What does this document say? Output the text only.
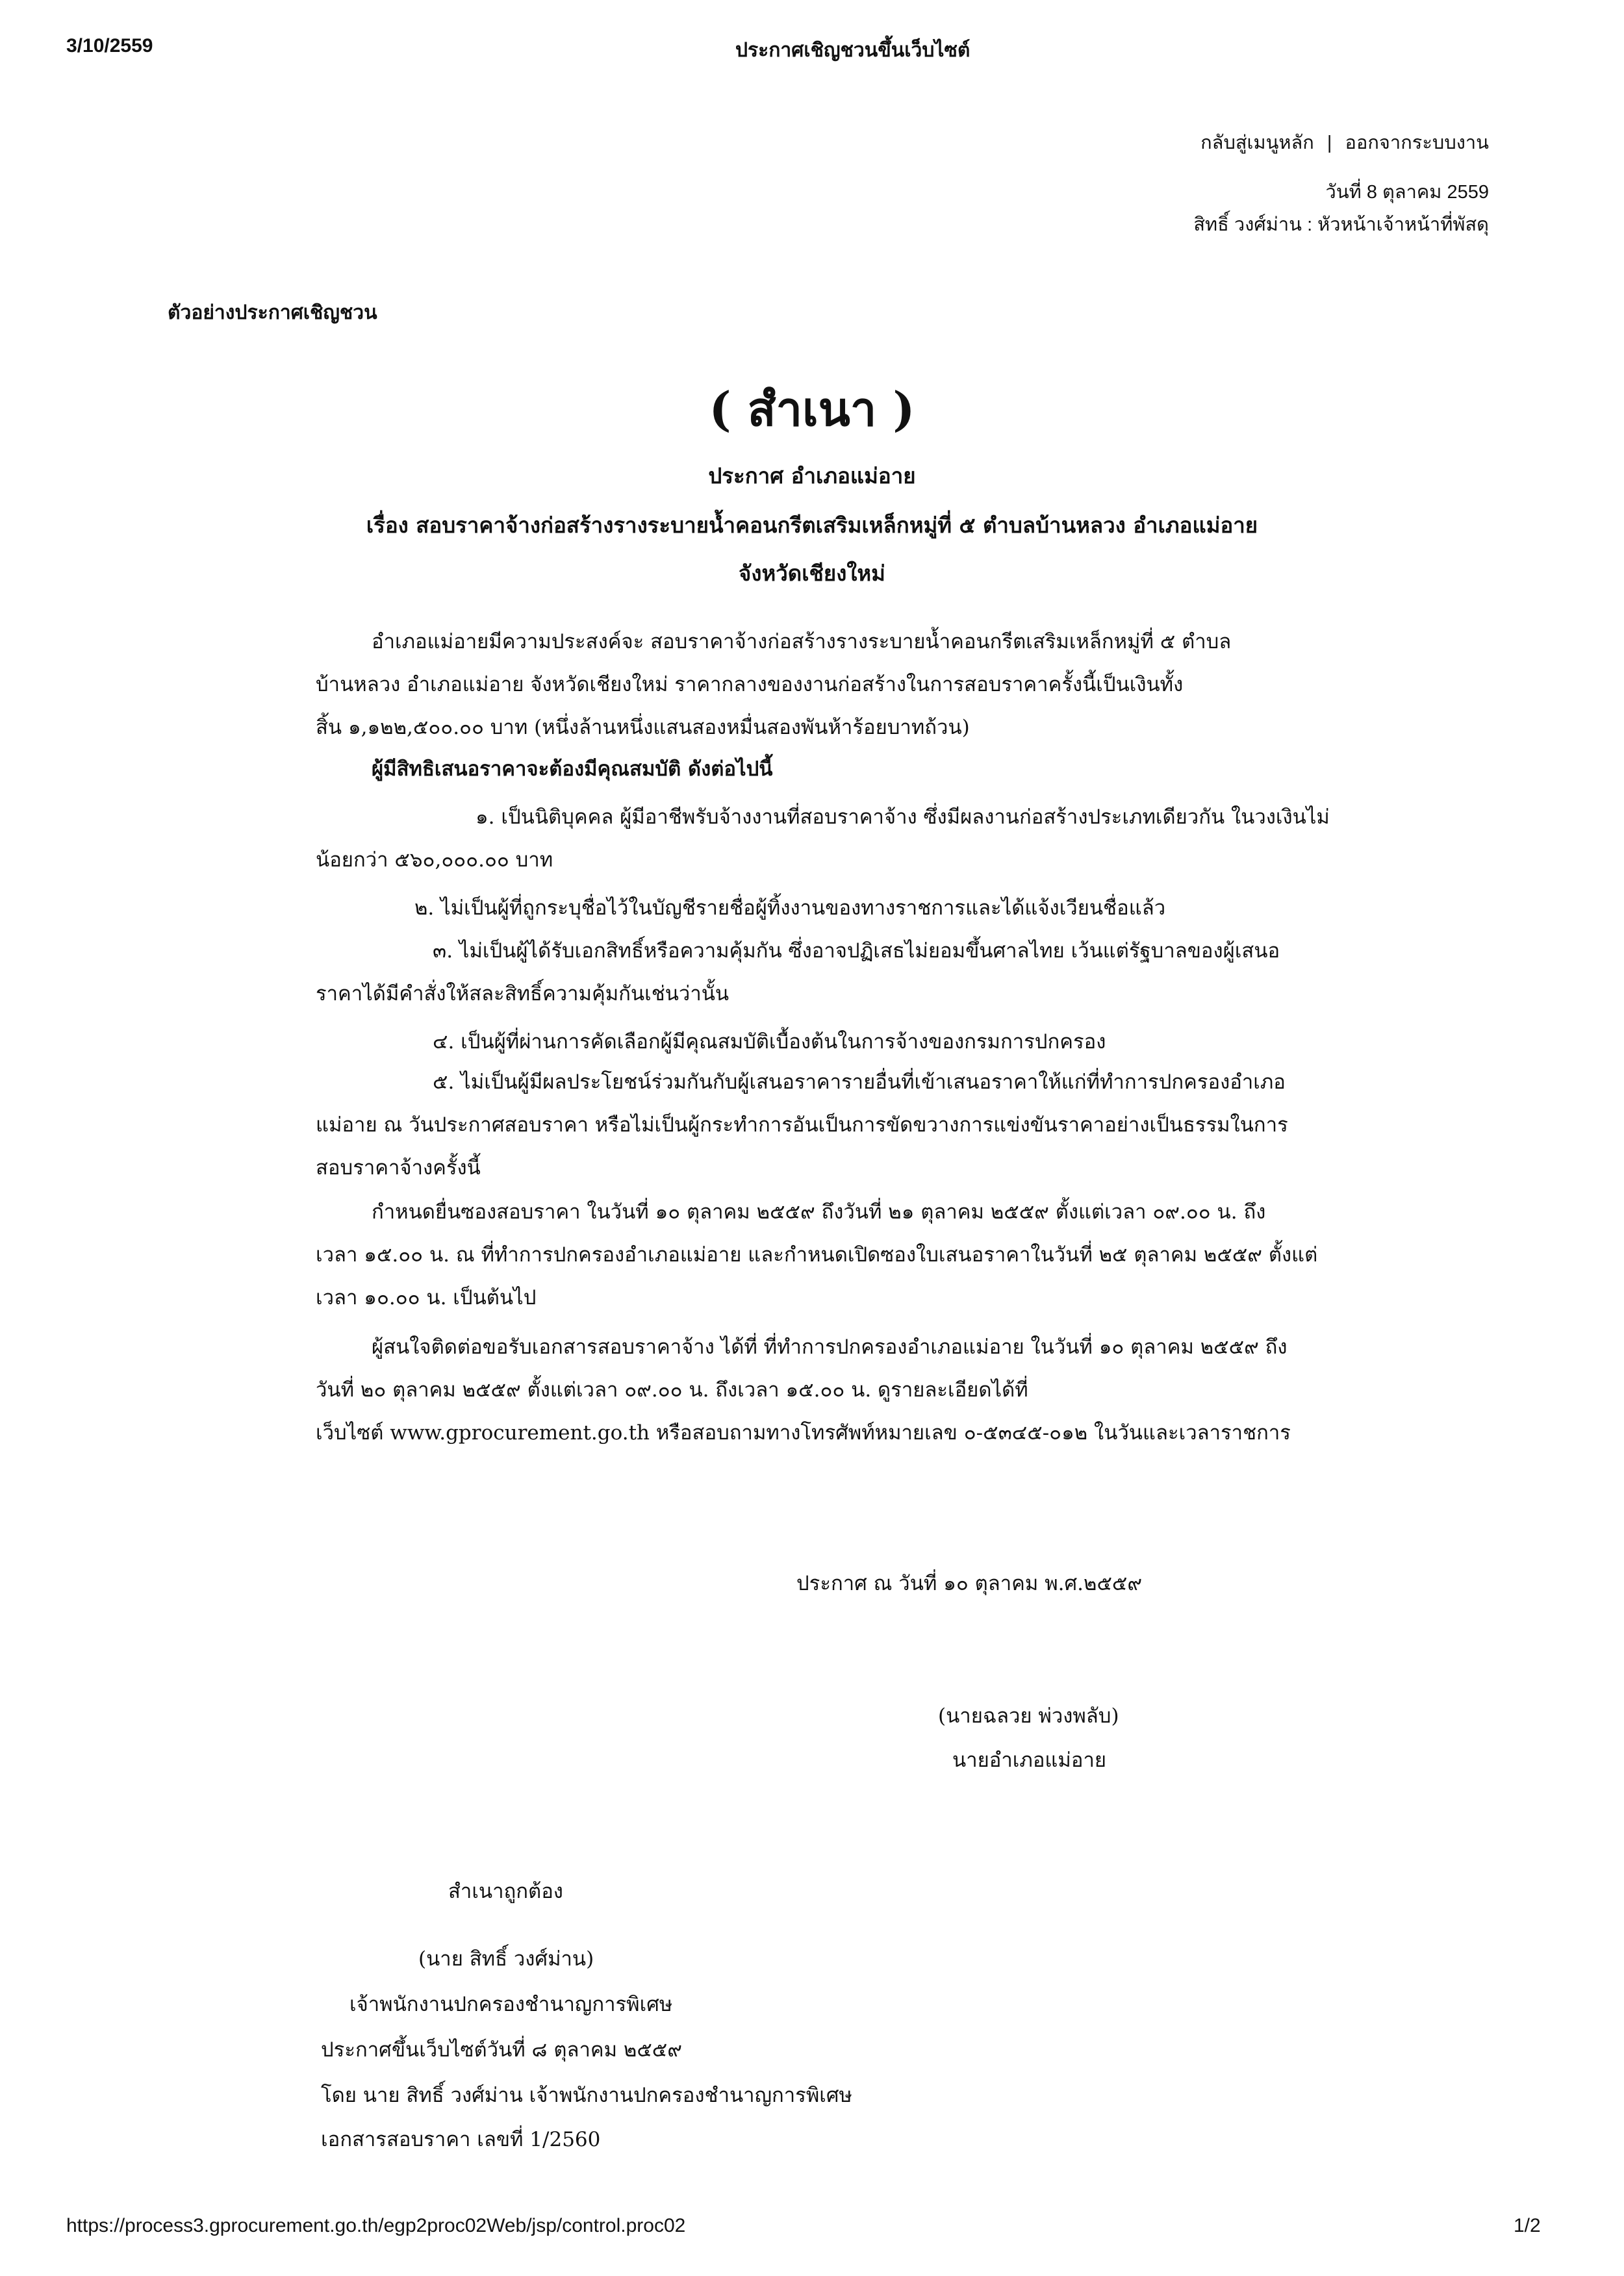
3/10/2559	ประกาศเชิญชวนขึ้นเว็บไซต์
กลับสู่เมนูหลัก | ออกจากระบบงาน
วันที่ 8 ตุลาคม 2559
สิทธิ์ วงศ์ม่าน : หัวหน้าเจ้าหน้าที่พัสดุ
ตัวอย่างประกาศเชิญชวน
( สำเนา )
ประกาศ อำเภอแม่อาย
เรื่อง สอบราคาจ้างก่อสร้างรางระบายน้ำคอนกรีตเสริมเหล็กหมู่ที่ ๕ ตำบลบ้านหลวง อำเภอแม่อาย
จังหวัดเชียงใหม่
อำเภอแม่อายมีความประสงค์จะ สอบราคาจ้างก่อสร้างรางระบายน้ำคอนกรีตเสริมเหล็กหมู่ที่ ๕ ตำบล
บ้านหลวง อำเภอแม่อาย จังหวัดเชียงใหม่ ราคากลางของงานก่อสร้างในการสอบราคาครั้งนี้เป็นเงินทั้ง
สิ้น ๑,๑๒๒,๕๐๐.๐๐ บาท (หนึ่งล้านหนึ่งแสนสองหมื่นสองพันห้าร้อยบาทถ้วน)
ผู้มีสิทธิเสนอราคาจะต้องมีคุณสมบัติ ดังต่อไปนี้
๑. เป็นนิติบุคคล ผู้มีอาชีพรับจ้างงานที่สอบราคาจ้าง ซึ่งมีผลงานก่อสร้างประเภทเดียวกัน ในวงเงินไม่
น้อยกว่า ๕๖๐,๐๐๐.๐๐ บาท
๒. ไม่เป็นผู้ที่ถูกระบุชื่อไว้ในบัญชีรายชื่อผู้ทิ้งงานของทางราชการและได้แจ้งเวียนชื่อแล้ว
๓. ไม่เป็นผู้ได้รับเอกสิทธิ์หรือความคุ้มกัน ซึ่งอาจปฏิเสธไม่ยอมขึ้นศาลไทย เว้นแต่รัฐบาลของผู้เสนอ
ราคาได้มีคำสั่งให้สละสิทธิ์ความคุ้มกันเช่นว่านั้น
๔. เป็นผู้ที่ผ่านการคัดเลือกผู้มีคุณสมบัติเบื้องต้นในการจ้างของกรมการปกครอง
๕. ไม่เป็นผู้มีผลประโยชน์ร่วมกันกับผู้เสนอราคารายอื่นที่เข้าเสนอราคาให้แก่ที่ทำการปกครองอำเภอ
แม่อาย ณ วันประกาศสอบราคา หรือไม่เป็นผู้กระทำการอันเป็นการขัดขวางการแข่งขันราคาอย่างเป็นธรรมในการ
สอบราคาจ้างครั้งนี้
กำหนดยื่นซองสอบราคา ในวันที่ ๑๐ ตุลาคม ๒๕๕๙ ถึงวันที่ ๒๑ ตุลาคม ๒๕๕๙ ตั้งแต่เวลา ๐๙.๐๐ น. ถึง
เวลา ๑๕.๐๐ น. ณ ที่ทำการปกครองอำเภอแม่อาย และกำหนดเปิดซองใบเสนอราคาในวันที่ ๒๕ ตุลาคม ๒๕๕๙ ตั้งแต่
เวลา ๑๐.๐๐ น. เป็นต้นไป
ผู้สนใจติดต่อขอรับเอกสารสอบราคาจ้าง ได้ที่ ที่ทำการปกครองอำเภอแม่อาย ในวันที่ ๑๐ ตุลาคม ๒๕๕๙ ถึง
วันที่ ๒๐ ตุลาคม ๒๕๕๙ ตั้งแต่เวลา ๐๙.๐๐ น. ถึงเวลา ๑๕.๐๐ น. ดูรายละเอียดได้ที่
เว็บไซต์ www.gprocurement.go.th หรือสอบถามทางโทรศัพท์หมายเลข ๐-๕๓๔๕-๐๑๒ ในวันและเวลาราชการ
ประกาศ ณ วันที่ ๑๐ ตุลาคม พ.ศ.๒๕๕๙
(นายฉลวย พ่วงพลับ)
นายอำเภอแม่อาย
สำเนาถูกต้อง
(นาย สิทธิ์ วงศ์ม่าน)
เจ้าพนักงานปกครองชำนาญการพิเศษ
ประกาศขึ้นเว็บไซต์วันที่ ๘ ตุลาคม ๒๕๕๙
โดย นาย สิทธิ์ วงศ์ม่าน เจ้าพนักงานปกครองชำนาญการพิเศษ
เอกสารสอบราคา เลขที่ 1/2560
https://process3.gprocurement.go.th/egp2proc02Web/jsp/control.proc02	1/2
